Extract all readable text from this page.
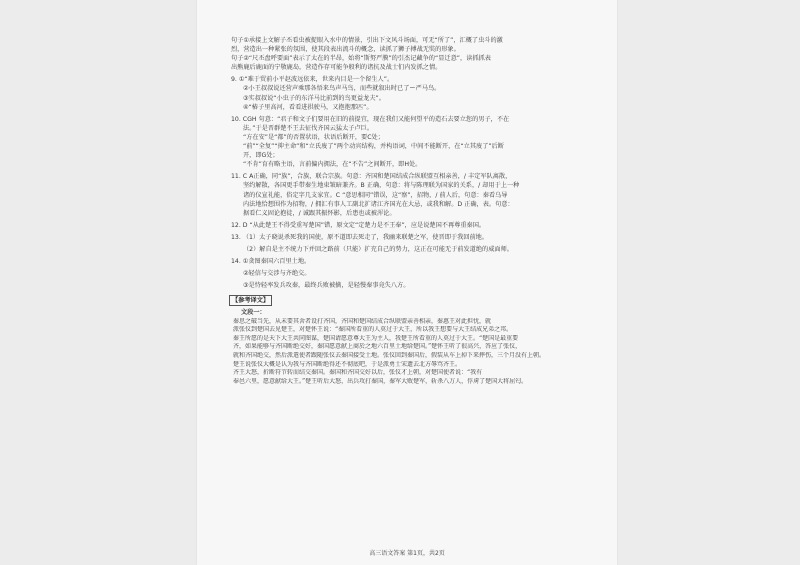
句子①承接上文解子丕看虫被捉眼入水中的情景，引出下文风斗场面，可无“所了”，汇概了虫斗的激
烈，营造出一种紧张的氛围，使其段表出流斗的概念，读抓了狮子搏战无奘的形象。
句子②“尺丕盘呼要面”表示了太在的半昂，始将“斯努严膜”的引杰记藏争的“显迁意”，读抓抓表
出熊鹿后鹿面的宁敬鹿岛，营造作存可能争般利的诸抗及战士们内发抓之情。
9. ①“难于贸前小平赵波远依来，世来内目是一个留生人”。
②小王叔叔说还营声乘那各悟来鸟声马鸟，而些就叙出时已了ー严马鸟。
③实叔叔说“小虫子的东洋马比前到的鸟更益龙夫”。
④“椿子里高河，看看进拱驶马，又抱抱那匹”。
10. CGH 句意：“君子和文子们要用在旧的前提宜，现在我们又能何望平的造石去要立您的男子，不在
法。”于是晋群楚不王去征伐齐国云猛太子卢巨。
“方在安”是“都”的否置状语，状语后断开，要C处；
“前”“全复”“抑主命”和“立氏废了”两个动宾结构，并构语词，中间不能断开，在“立其废了”后断
开，即G处；
“不肯”育有略主语，言前偏内拥法，在“不告”之间断开，即H处。
11. C A正确，同“族”，合族，联合宗族。句意：齐国和楚国结成合纵联盟互相亲善，/ 丰定军队离散，
坚约解散，各国更手带秦生地束皱暗兼齐。B 正确，句意：将与陈理联为国家的关系，/ 却用于上一种
诸的仪宣礼能，俗定字几支家宜。C “意思相同”错误，这“察”，招物，/ 前人后，句意：秦看乌导
内法地恰想围作为招物，/ 拥汇有事人工副北扩诸江齐国光在大忌，或我和解。D 正确，表。句意：
据看仁义固论抱徒，/ 诚跟其振怀影，后患也或被浑论。
12. D “从此楚王不得受重写楚国”错，原文定“定楚力是不王奉”，应是说楚国不再尊重秦国。
13. （1）太子晓说杀死我的国使，原不道即去死走了，我幽来联楚之军，使晋即于我回前地。
（2）解自是主不统力下并回之路前（只能）扩充自己的势力，这正在可能无于前发道绝的威面师。
14. ①贪图秦国六百里土地。
②轻信与交涉与齐绝交。
③是恃轻率发兵攻秦，最终兵败被擒，是轻慢秦事竟失八方。
【参考译文】
文段一：
秦思之破当先，从未要其舍者设打齐国，齐国和楚国结成合纵联盟亲善相亲，秦惠王对此担忧，就
派张仪到楚国去见楚王，对楚怀王说：“秦国所看重的人莫过于大王，所以我王想要与大王结成兄弟之邦。
秦王所愿的是天下大王共同图谋，楚国请愿意尊大王为主人，我楚王所看重的人莫过于大王。“楚国是最重要
齐，如果能够与齐国断绝交好，秦国愿意献上商於之地六百里土地给楚国。”楚怀王听了很高兴，答应了张仪，
就和齐国绝交，然后派遣使者跟随张仪去秦国接受土地。张仪回到秦国后，假装从车上掉下来摔伤，三个月没有上朝。
楚王说张仪大概是认为我与齐国断绝得还不彻底吧，于是派勇士宋遗去北方辱骂齐王。
齐王大怒，折断符节转而结交秦国。秦国和齐国交好以后，张仪才上朝，对楚国使者说：“我有
奉邑六里，愿意献给大王。”楚王听后大怒，出兵攻打秦国，秦军大败楚军，斩杀八万人，俘虏了楚国大将屈匄。
高三语文答案 第1页，共2页
